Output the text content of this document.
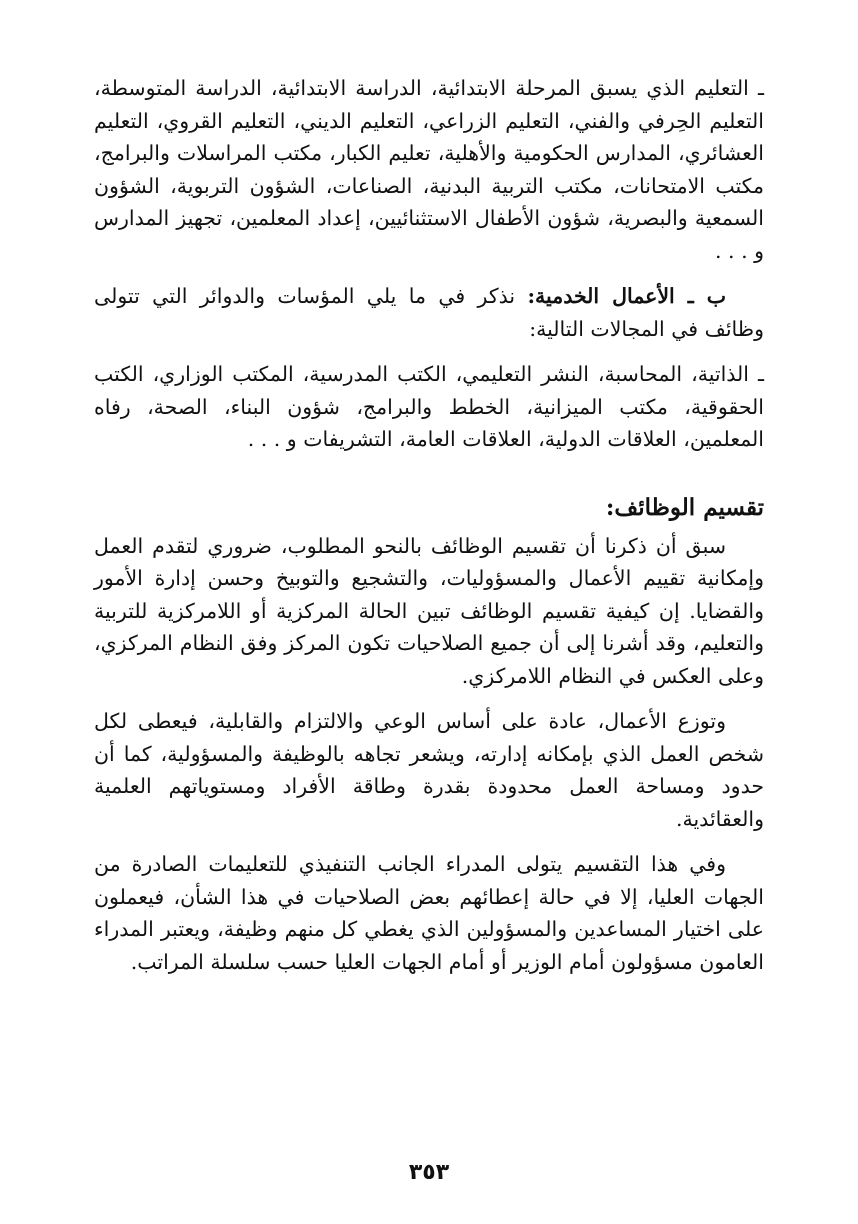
ـ التعليم الذي يسبق المرحلة الابتدائية، الدراسة الابتدائية، الدراسة المتوسطة، التعليم الحِرفي والفني، التعليم الزراعي، التعليم الديني، التعليم القروي، التعليم العشائري، المدارس الحكومية والأهلية، تعليم الكبار، مكتب المراسلات والبرامج، مكتب الامتحانات، مكتب التربية البدنية، الصناعات، الشؤون التربوية، الشؤون السمعية والبصرية، شؤون الأطفال الاستثنائيين، إعداد المعلمين، تجهيز المدارس و . . .

ب ـ الأعمال الخدمية: نذكر في ما يلي المؤسات والدوائر التي تتولى وظائف في المجالات التالية:

ـ الذاتية، المحاسبة، النشر التعليمي، الكتب المدرسية، المكتب الوزاري، الكتب الحقوقية، مكتب الميزانية، الخطط والبرامج، شؤون البناء، الصحة، رفاه المعلمين، العلاقات الدولية، العلاقات العامة، التشريفات و . . .

تقسيم الوظائف:

سبق أن ذكرنا أن تقسيم الوظائف بالنحو المطلوب، ضروري لتقدم العمل وإمكانية تقييم الأعمال والمسؤوليات، والتشجيع والتوبيخ وحسن إدارة الأمور والقضايا. إن كيفية تقسيم الوظائف تبين الحالة المركزية أو اللامركزية للتربية والتعليم، وقد أشرنا إلى أن جميع الصلاحيات تكون المركز وفق النظام المركزي، وعلى العكس في النظام اللامركزي.

وتوزع الأعمال، عادة على أساس الوعي والالتزام والقابلية، فيعطى لكل شخص العمل الذي بإمكانه إدارته، ويشعر تجاهه بالوظيفة والمسؤولية، كما أن حدود ومساحة العمل محدودة بقدرة وطاقة الأفراد ومستوياتهم العلمية والعقائدية.

وفي هذا التقسيم يتولى المدراء الجانب التنفيذي للتعليمات الصادرة من الجهات العليا، إلا في حالة إعطائهم بعض الصلاحيات في هذا الشأن، فيعملون على اختيار المساعدين والمسؤولين الذي يغطي كل منهم وظيفة، ويعتبر المدراء العامون مسؤولون أمام الوزير أو أمام الجهات العليا حسب سلسلة المراتب.

٣٥٣
